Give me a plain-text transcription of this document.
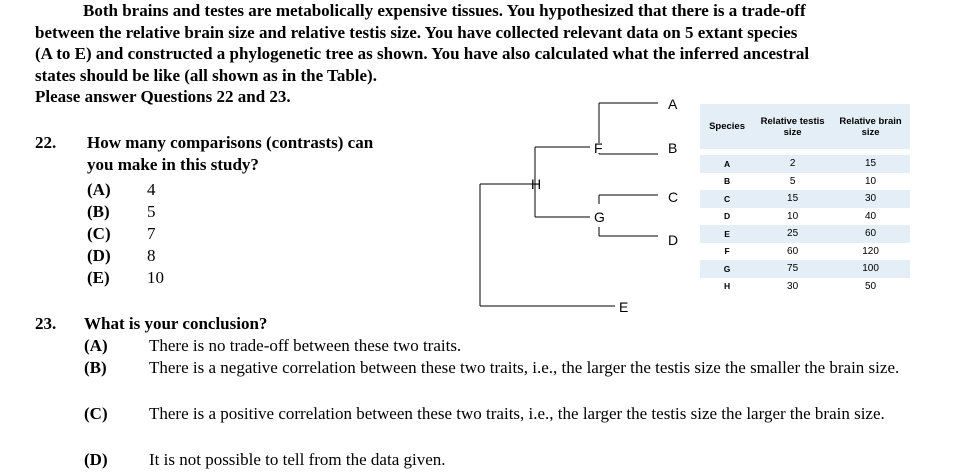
Both brains and testes are metabolically expensive tissues. You hypothesized that there is a trade-off

between the relative brain size and relative testis size. You have collected relevant data on 5 extant species

(A to E) and constructed a phylogenetic tree as shown. You have also calculated what the inferred ancestral

states should be like (all shown as in the Table).

Please answer Questions 22 and 23.

22.	How many comparisons (contrasts) can
you make in this study?
(A) 4
(B) 5
(C) 7
(D) 8
(E) 10
A
B
C
D
E
F
G
H
Species	Relative testis size	Relative brain size
A	2	15
B	5	10
C	15	30
D	10	40
E	25	60
F	60	120
G	75	100
H	30	50
23. What is your conclusion?
(A) There is no trade-off between these two traits.
(B) There is a negative correlation between these two traits, i.e., the larger the testis size the smaller the brain size.
(C) There is a positive correlation between these two traits, i.e., the larger the testis size the larger the brain size.
(D) It is not possible to tell from the data given.
